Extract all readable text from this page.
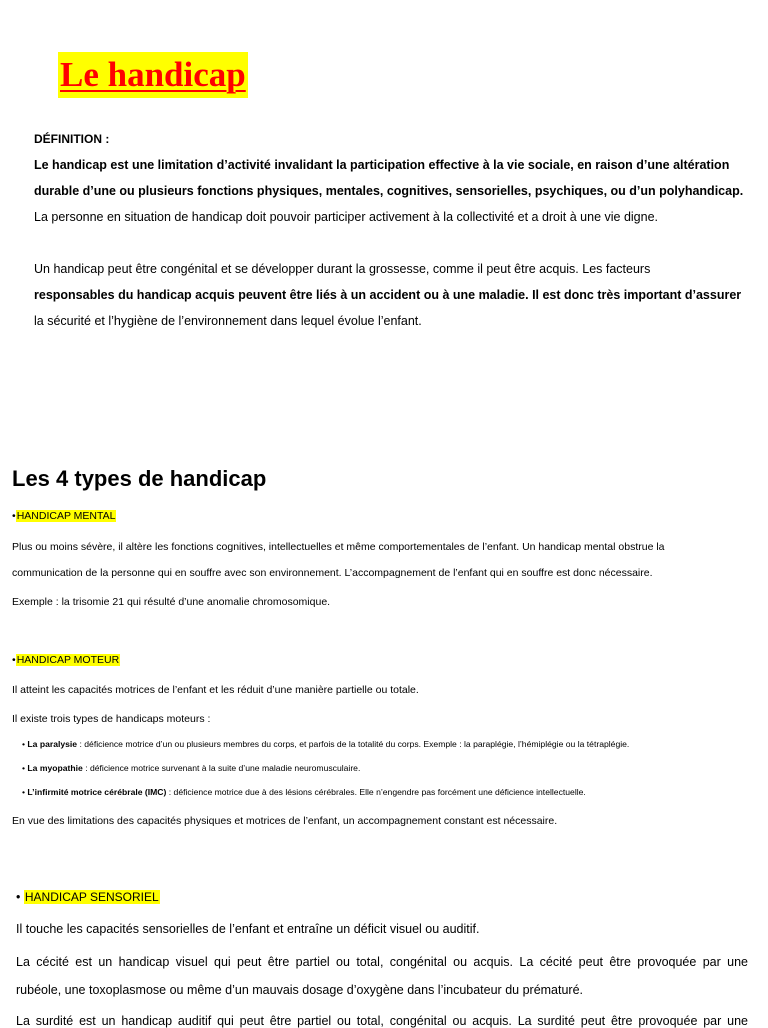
Le handicap
DÉFINITION :
Le handicap est une limitation d’activité invalidant la participation effective à la vie sociale, en raison d’une altération
durable d’une ou plusieurs fonctions physiques, mentales, cognitives, sensorielles, psychiques, ou d’un polyhandicap.
La personne en situation de handicap doit pouvoir participer activement à la collectivité et a droit à une vie digne.
Un handicap peut être congénital et se développer durant la grossesse, comme il peut être acquis. Les facteurs
responsables du handicap acquis peuvent être liés à un accident ou à une maladie. Il est donc très important d’assurer
la sécurité et l’hygiène de l’environnement dans lequel évolue l’enfant.
Les 4 types de handicap
•HANDICAP MENTAL
Plus ou moins sévère, il altère les fonctions cognitives, intellectuelles et même comportementales de l’enfant. Un handicap mental obstrue la
communication de la personne qui en souffre avec son environnement. L’accompagnement de l’enfant qui en souffre est donc nécessaire.
Exemple : la trisomie 21 qui résulté d’une anomalie chromosomique.
•HANDICAP MOTEUR
Il atteint les capacités motrices de l’enfant et les réduit d’une manière partielle ou totale.
Il existe trois types de handicaps moteurs :
• La paralysie : déficience motrice d’un ou plusieurs membres du corps, et parfois de la totalité du corps. Exemple : la paraplégie, l’hémiplégie ou la tétraplégie.
• La myopathie : déficience motrice survenant à la suite d’une maladie neuromusculaire.
• L’infirmité motrice cérébrale (IMC) : déficience motrice due à des lésions cérébrales. Elle n’engendre pas forcément une déficience intellectuelle.
En vue des limitations des capacités physiques et motrices de l’enfant, un accompagnement constant est nécessaire.
• HANDICAP SENSORIEL
Il touche les capacités sensorielles de l’enfant et entraîne un déficit visuel ou auditif.
La cécité est un handicap visuel qui peut être partiel ou total, congénital ou acquis. La cécité peut être provoquée par une
rubéole, une toxoplasmose ou même d’un mauvais dosage d’oxygène dans l’incubateur du prématuré.
La surdité est un handicap auditif qui peut être partiel ou total, congénital ou acquis. La surdité peut être provoquée par une
